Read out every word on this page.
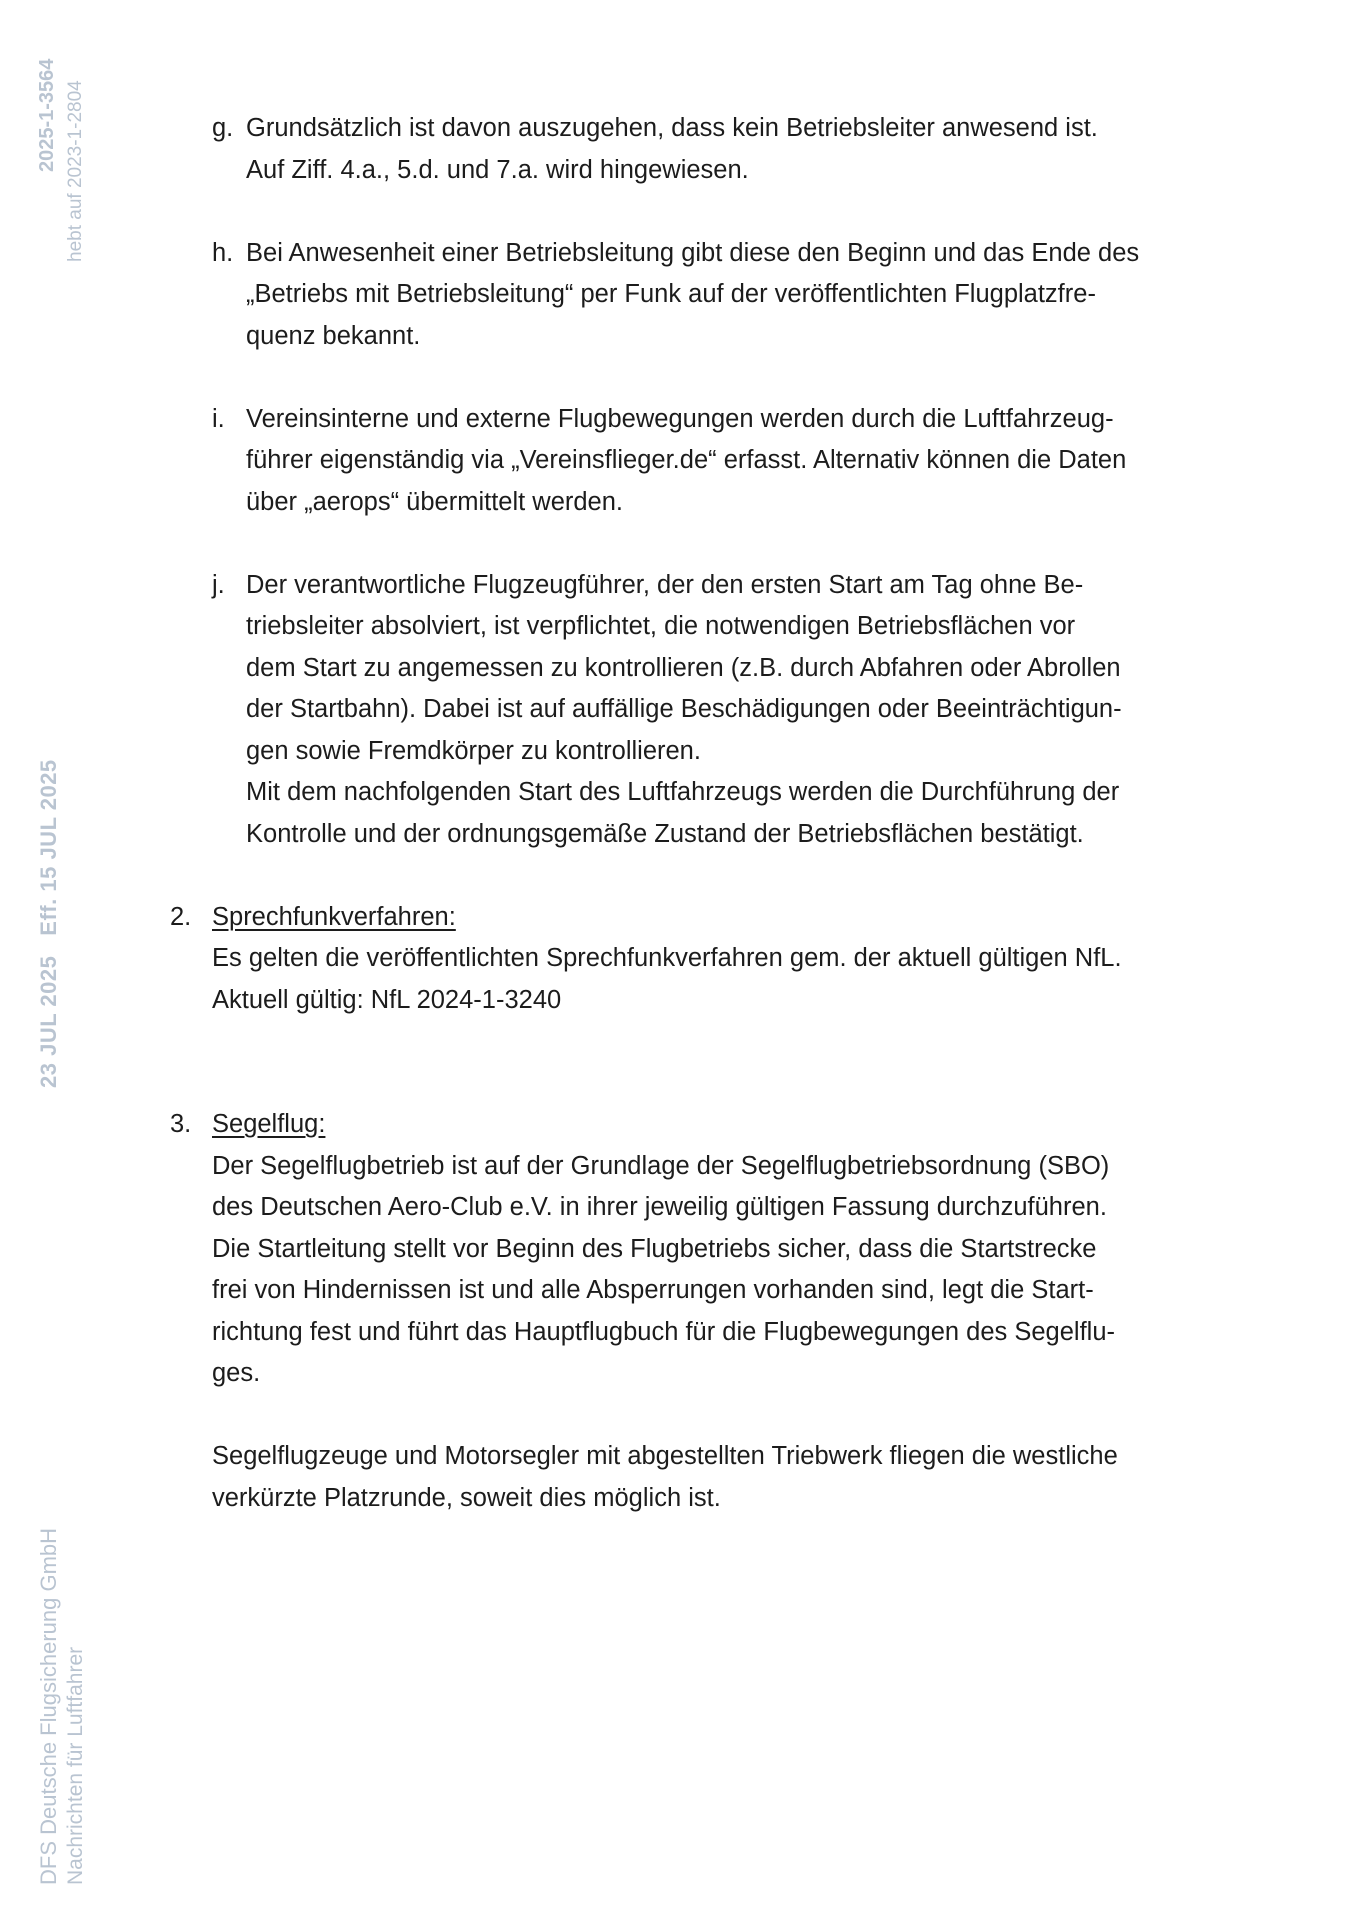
2025-1-3564 hebt auf 2023-1-2804
23 JUL 2025Eff. 15 JUL 2025
DFS Deutsche Flugsicherung GmbH Nachrichten für Luftfahrer
g. Grundsätzlich ist davon auszugehen, dass kein Betriebsleiter anwesend ist.
Auf Ziff. 4.a., 5.d. und 7.a. wird hingewiesen.
h. Bei Anwesenheit einer Betriebsleitung gibt diese den Beginn und das Ende des
„Betriebs mit Betriebsleitung“ per Funk auf der veröffentlichten Flugplatzfre-
quenz bekannt.
i. Vereinsinterne und externe Flugbewegungen werden durch die Luftfahrzeug-
führer eigenständig via „Vereinsflieger.de“ erfasst. Alternativ können die Daten
über „aerops“ übermittelt werden.
j. Der verantwortliche Flugzeugführer, der den ersten Start am Tag ohne Be-
triebsleiter absolviert, ist verpflichtet, die notwendigen Betriebsflächen vor
dem Start zu angemessen zu kontrollieren (z.B. durch Abfahren oder Abrollen
der Startbahn). Dabei ist auf auffällige Beschädigungen oder Beeinträchtigun-
gen sowie Fremdkörper zu kontrollieren.
Mit dem nachfolgenden Start des Luftfahrzeugs werden die Durchführung der
Kontrolle und der ordnungsgemäße Zustand der Betriebsflächen bestätigt.
2. Sprechfunkverfahren:
Es gelten die veröffentlichten Sprechfunkverfahren gem. der aktuell gültigen NfL.
Aktuell gültig: NfL 2024-1-3240
3. Segelflug:
Der Segelflugbetrieb ist auf der Grundlage der Segelflugbetriebsordnung (SBO)
des Deutschen Aero-Club e.V. in ihrer jeweilig gültigen Fassung durchzuführen.
Die Startleitung stellt vor Beginn des Flugbetriebs sicher, dass die Startstrecke
frei von Hindernissen ist und alle Absperrungen vorhanden sind, legt die Start-
richtung fest und führt das Hauptflugbuch für die Flugbewegungen des Segelflu-
ges.
Segelflugzeuge und Motorsegler mit abgestellten Triebwerk fliegen die westliche
verkürzte Platzrunde, soweit dies möglich ist.
